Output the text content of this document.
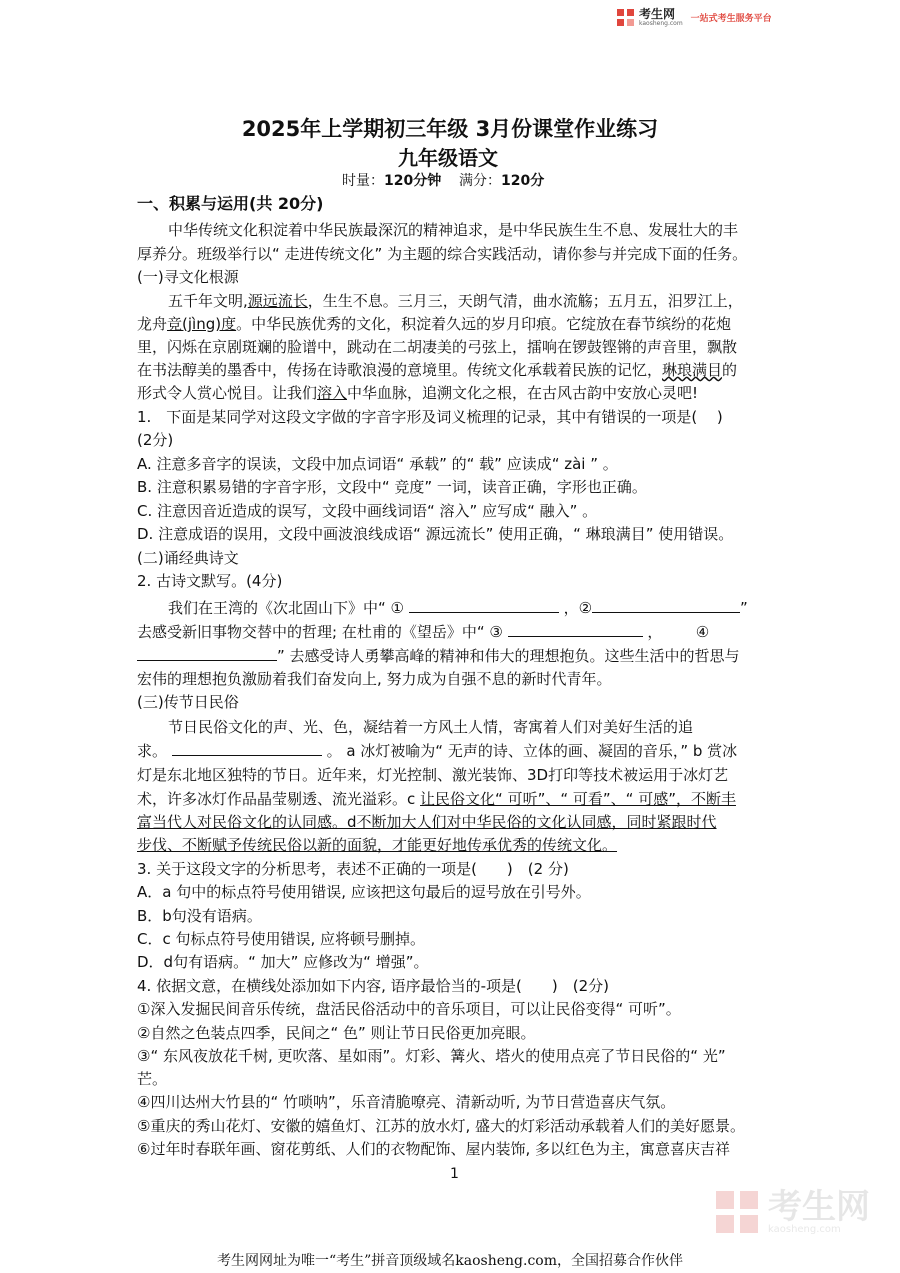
考生网
kaosheng.com 一站式考生服务平台
2025年上学期初三年级 3月份课堂作业练习
九年级语文
时量：120分钟 满分：120分
一、积累与运用(共 20分)
中华传统文化积淀着中华民族最深沉的精神追求，是中华民族生生不息、发展壮大的丰
厚养分。班级举行以“ 走进传统文化” 为主题的综合实践活动，请你参与并完成下面的任务。
(一)寻文化根源
五千年文明,源远流长，生生不息。三月三，天朗气清，曲水流觞；五月五，汨罗江上，
龙舟竞(jìng)度。中华民族优秀的文化，积淀着久远的岁月印痕。它绽放在春节缤纷的花炮
里，闪烁在京剧斑斓的脸谱中，跳动在二胡凄美的弓弦上，擂响在锣鼓铿锵的声音里，飘散
在书法醇美的墨香中，传扬在诗歌浪漫的意境里。传统文化承载着民族的记忆，琳琅满目的
形式令人赏心悦目。让我们溶入中华血脉，追溯文化之根，在古风古韵中安放心灵吧!
1.　下面是某同学对这段文字做的字音字形及词义梳理的记录，其中有错误的一项是(　 )
(2分)
A. 注意多音字的误读，文段中加点词语“ 承载” 的“ 载” 应读成“ zài ” 。
B. 注意积累易错的字音字形，文段中“ 竞度” 一词，读音正确，字形也正确。
C. 注意因音近造成的误写，文段中画线词语“ 溶入” 应写成“ 融入” 。
D. 注意成语的误用，文段中画波浪线成语“ 源远流长” 使用正确，“ 琳琅满目” 使用错误。
(二)诵经典诗文
2. 古诗文默写。(4分)
我们在王湾的《次北固山下》中“ ①	，②	”
去感受新旧事物交替中的哲理; 在杜甫的《望岳》中“ ③	， ④
” 去感受诗人勇攀高峰的精神和伟大的理想抱负。这些生活中的哲思与
宏伟的理想抱负激励着我们奋发向上, 努力成为自强不息的新时代青年。
(三)传节日民俗
节日民俗文化的声、光、色，凝结着一方风土人情，寄寓着人们对美好生活的追
求。	。 a 冰灯被喻为“ 无声的诗、立体的画、凝固的音乐，” b 赏冰
灯是东北地区独特的节日。近年来，灯光控制、激光装饰、3D打印等技术被运用于冰灯艺
术，许多冰灯作品晶莹剔透、流光溢彩。c 让民俗文化“ 可听”、“ 可看”、“ 可感”，不断丰
富当代人对民俗文化的认同感。d不断加大人们对中华民俗的文化认同感，同时紧跟时代
步伐、不断赋予传统民俗以新的面貌，才能更好地传承优秀的传统文化。
3. 关于这段文字的分析思考，表述不正确的一项是(　　)　(2 分)
A．a 句中的标点符号使用错误, 应该把这句最后的逗号放在引号外。
B．b句没有语病。
C．c 句标点符号使用错误, 应将顿号删掉。
D．d句有语病。“ 加大” 应修改为“ 增强”。
4. 依据文意，在横线处添加如下内容, 语序最恰当的-项是(　　)　(2分)
①深入发掘民间音乐传统，盘活民俗活动中的音乐项目，可以让民俗变得“ 可听”。
②自然之色装点四季，民间之“ 色” 则让节日民俗更加亮眼。
③“ 东风夜放花千树, 更吹落、星如雨”。灯彩、篝火、塔火的使用点亮了节日民俗的“ 光”
芒。
④四川达州大竹县的“ 竹唢呐”，乐音清脆嘹亮、清新动听, 为节日营造喜庆气氛。
⑤重庆的秀山花灯、安徽的嬉鱼灯、江苏的放水灯, 盛大的灯彩活动承载着人们的美好愿景。
⑥过年时春联年画、窗花剪纸、人们的衣物配饰、屋内装饰, 多以红色为主，寓意喜庆吉祥
1
考生网
kaosheng.com
考生网网址为唯一“考生”拼音顶级域名kaosheng.com，全国招募合作伙伴
